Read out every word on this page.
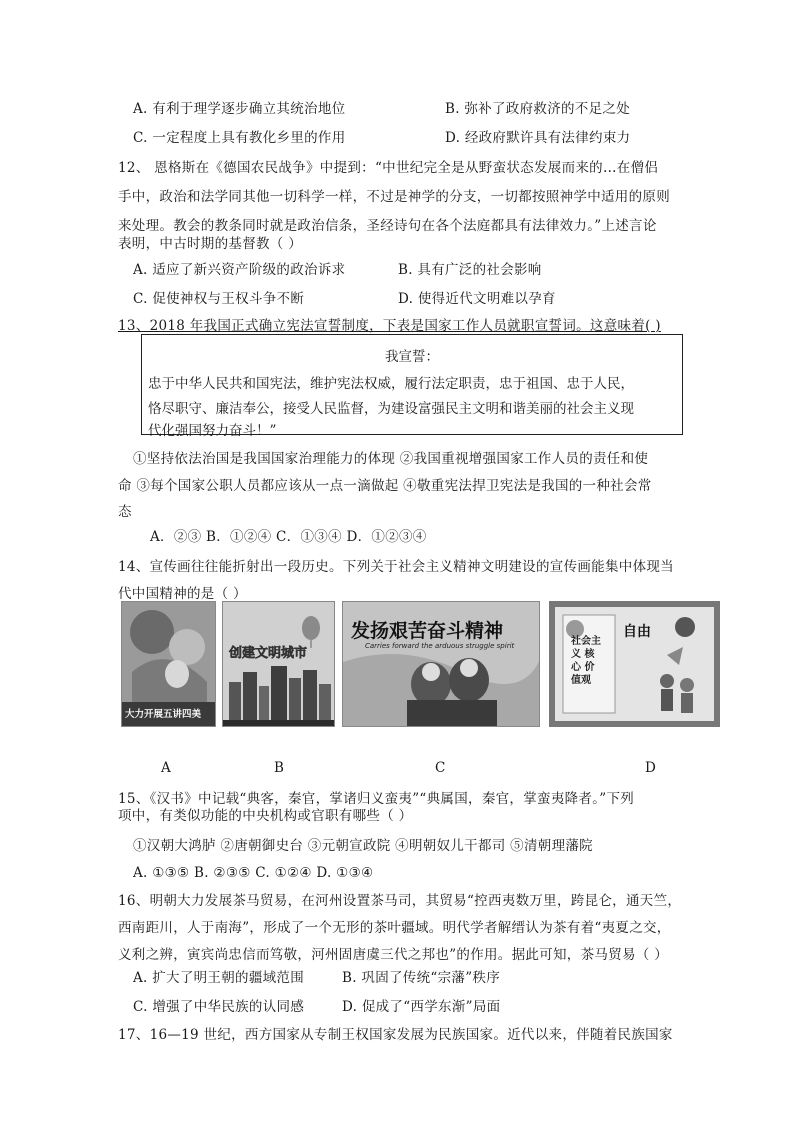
A. 有利于理学逐步确立其统治地位	B. 弥补了政府救济的不足之处
C. 一定程度上具有教化乡里的作用	D. 经政府默许具有法律约束力
12、 恩格斯在《德国农民战争》中提到：“中世纪完全是从野蛮状态发展而来的…在僧侣
手中，政治和法学同其他一切科学一样，不过是神学的分支，一切都按照神学中适用的原则
来处理。教会的教条同时就是政治信条，圣经诗句在各个法庭都具有法律效力。”上述言论
表明，中古时期的基督教（ ）
A. 适应了新兴资产阶级的政治诉求	B. 具有广泛的社会影响
C. 促使神权与王权斗争不断	D. 使得近代文明难以孕育
13、2018 年我国正式确立宪法宣誓制度，下表是国家工作人员就职宣誓词。这意味着( )
我宣誓：
忠于中华人民共和国宪法，维护宪法权威，履行法定职责，忠于祖国、忠于人民，
恪尽职守、廉洁奉公，接受人民监督，为建设富强民主文明和谐美丽的社会主义现
代化强国努力奋斗！”
①坚持依法治国是我国国家治理能力的体现 ②我国重视增强国家工作人员的责任和使
命 ③每个国家公职人员都应该从一点一滴做起 ④敬重宪法捍卫宪法是我国的一种社会常
态
A．②③ B．①②④ C．①③④ D．①②③④
14、宣传画往往能折射出一段历史。下列关于社会主义精神文明建设的宣传画能集中体现当
代中国精神的是（ ）
大力开展五讲四美
创建文明城市
发扬艰苦奋斗精神
Carries forward the arduous struggle spirit	社会主义 核心 价值观
自由
A	B	C	D
15、《汉书》中记载“典客，秦官，掌诸归义蛮夷”“典属国，秦官，掌蛮夷降者。”下列
项中，有类似功能的中央机构或官职有哪些（ ）
①汉朝大鸿胪 ②唐朝御史台 ③元朝宣政院 ④明朝奴儿干都司 ⑤清朝理藩院
A. ①③⑤ B. ②③⑤ C. ①②④ D. ①③④
16、明朝大力发展茶马贸易，在河州设置茶马司，其贸易“控西夷数万里，跨昆仑，通天竺，
西南距川，人于南海”，形成了一个无形的茶叶疆域。明代学者解缙认为茶有着“夷夏之交，
义利之辨，寅宾尚忠信而笃敬，河州固唐虞三代之邦也”的作用。据此可知，茶马贸易（ ）
A. 扩大了明王朝的疆域范围	B. 巩固了传统“宗藩”秩序
C. 增强了中华民族的认同感	D. 促成了“西学东渐”局面
17、16—19 世纪，西方国家从专制王权国家发展为民族国家。近代以来，伴随着民族国家
